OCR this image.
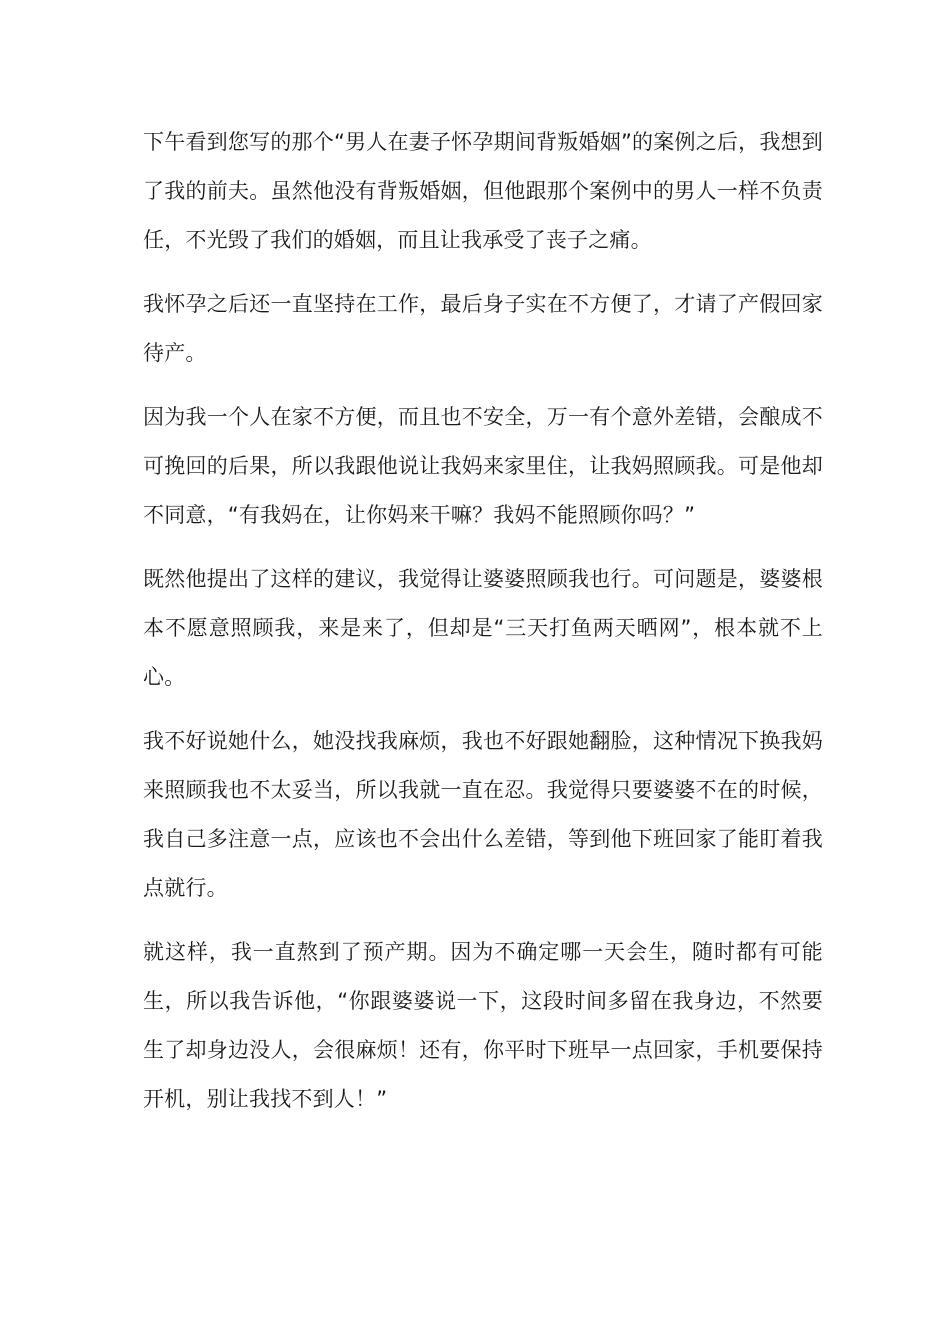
下午看到您写的那个“男人在妻子怀孕期间背叛婚姻”的案例之后，我想到了我的前夫。虽然他没有背叛婚姻，但他跟那个案例中的男人一样不负责任，不光毁了我们的婚姻，而且让我承受了丧子之痛。

我怀孕之后还一直坚持在工作，最后身子实在不方便了，才请了产假回家待产。

因为我一个人在家不方便，而且也不安全，万一有个意外差错，会酿成不可挽回的后果，所以我跟他说让我妈来家里住，让我妈照顾我。可是他却不同意，“有我妈在，让你妈来干嘛？我妈不能照顾你吗？”

既然他提出了这样的建议，我觉得让婆婆照顾我也行。可问题是，婆婆根本不愿意照顾我，来是来了，但却是“三天打鱼两天晒网”，根本就不上心。

我不好说她什么，她没找我麻烦，我也不好跟她翻脸，这种情况下换我妈来照顾我也不太妥当，所以我就一直在忍。我觉得只要婆婆不在的时候，我自己多注意一点，应该也不会出什么差错，等到他下班回家了能盯着我点就行。

就这样，我一直熬到了预产期。因为不确定哪一天会生，随时都有可能生，所以我告诉他，“你跟婆婆说一下，这段时间多留在我身边，不然要生了却身边没人，会很麻烦！还有，你平时下班早一点回家，手机要保持开机，别让我找不到人！”
